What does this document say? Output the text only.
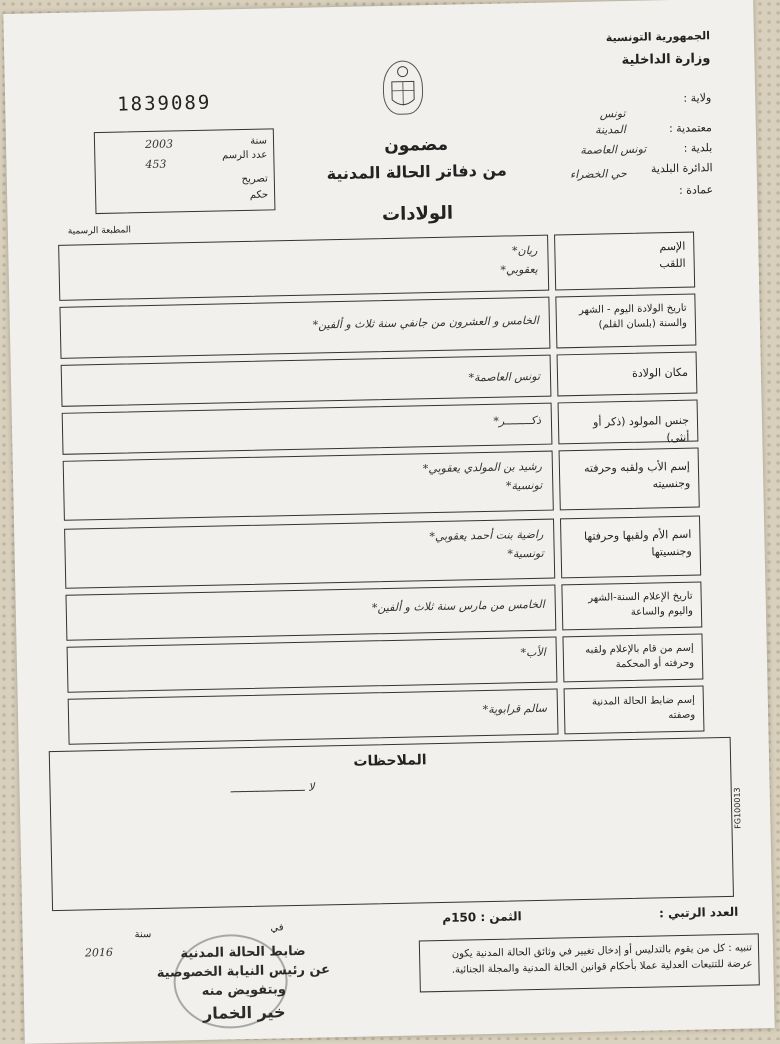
الجمهورية التونسية
وزارة الداخلية
ولاية :
تونس
معتمدية :
المدينة
بلدية :
تونس العاصمة
الدائرة البلدية
حي الخضراء
عمادة :
1839089
سنة
2003
عدد الرسم
453
تصريح
حكم
مضمون
من دفاتر الحالة المدنية
الولادات
المطبعة الرسمية
الإسم
اللقب
ريان*
يعقوبي*
تاريخ الولادة اليوم - الشهر والسنة (بلسان القلم)
الخامس و العشرون من جانفي سنة ثلاث و ألفين*
مكان الولادة
تونس العاصمة*
جنس المولود (ذكر أو أنثى)
ذكــــــــر*
إسم الأب ولقبه وحرفته وجنسيته
رشيد بن المولدي يعقوبي*
تونسية*
اسم الأم ولقبها وحرفتها وجنسيتها
راضية بنت أحمد يعقوبي*
تونسية*
تاريخ الإعلام السنة-الشهر واليوم والساعة
الخامس من مارس سنة ثلاث و ألفين*
إسم من قام بالإعلام ولقبه وحرفته أو المحكمة
الأب*
إسم ضابط الحالة المدنية وصفته
سالم قرابوية*
الملاحظات
لا ـــــــــــــــــــــــ	FG100013
العدد الرتبي :
الثمن : 150م
في
سنة
2016	تنبيه : كل من يقوم بالتدليس أو إدخال تغيير في وثائق الحالة المدنية يكون عرضة للتتبعات العدلية عملا بأحكام قوانين الحالة المدنية والمجلة الجنائية.
ضابط الحالة المدنية
عن رئيس النيابة الخصوصية
وبتفويض منه
خير الخمار
